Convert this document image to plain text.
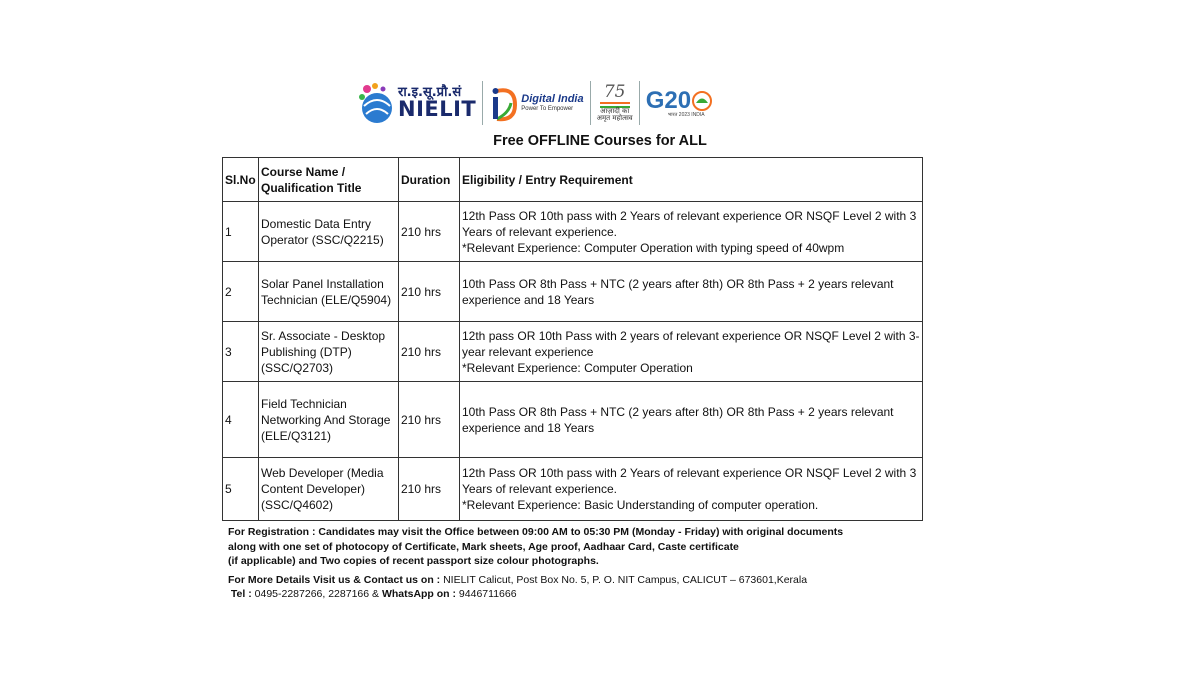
रा.इ.सू.प्रौ.सं
NIELIT	Digital India
Power To Empower
75
आज़ादी का
अमृत महोत्सव
G20
भारत 2023 INDIA
Free OFFLINE Courses for ALL
Sl.No	Course Name / Qualification Title	Duration	Eligibility / Entry Requirement
1	Domestic Data Entry Operator (SSC/Q2215)	210 hrs	12th Pass OR 10th pass with 2 Years of relevant experience OR NSQF Level 2 with 3 Years of relevant experience.
*Relevant Experience: Computer Operation with typing speed of 40wpm

2	Solar Panel Installation Technician (ELE/Q5904)	210 hrs	10th Pass OR 8th Pass + NTC (2 years after 8th) OR 8th Pass + 2 years relevant experience and 18 Years

3	Sr. Associate - Desktop Publishing (DTP) (SSC/Q2703)	210 hrs	12th pass OR 10th Pass with 2 years of relevant experience OR NSQF Level 2 with 3-year relevant experience
*Relevant Experience: Computer Operation

4	Field Technician Networking And Storage (ELE/Q3121)	210 hrs	10th Pass OR 8th Pass + NTC (2 years after 8th) OR 8th Pass + 2 years relevant experience and 18 Years

5	Web Developer (Media Content Developer) (SSC/Q4602)	210 hrs	12th Pass OR 10th pass with 2 Years of relevant experience OR NSQF Level 2 with 3 Years of relevant experience.
*Relevant Experience: Basic Understanding of computer operation.
For Registration : Candidates may visit the Office between 09:00 AM to 05:30 PM (Monday - Friday) with original documents
along with one set of photocopy of Certificate, Mark sheets, Age proof, Aadhaar Card, Caste certificate
(if applicable) and Two copies of recent passport size colour photographs.
For More Details Visit us & Contact us on : NIELIT Calicut, Post Box No. 5, P. O. NIT Campus, CALICUT – 673601,Kerala
Tel : 0495-2287266, 2287166 & WhatsApp on : 9446711666
